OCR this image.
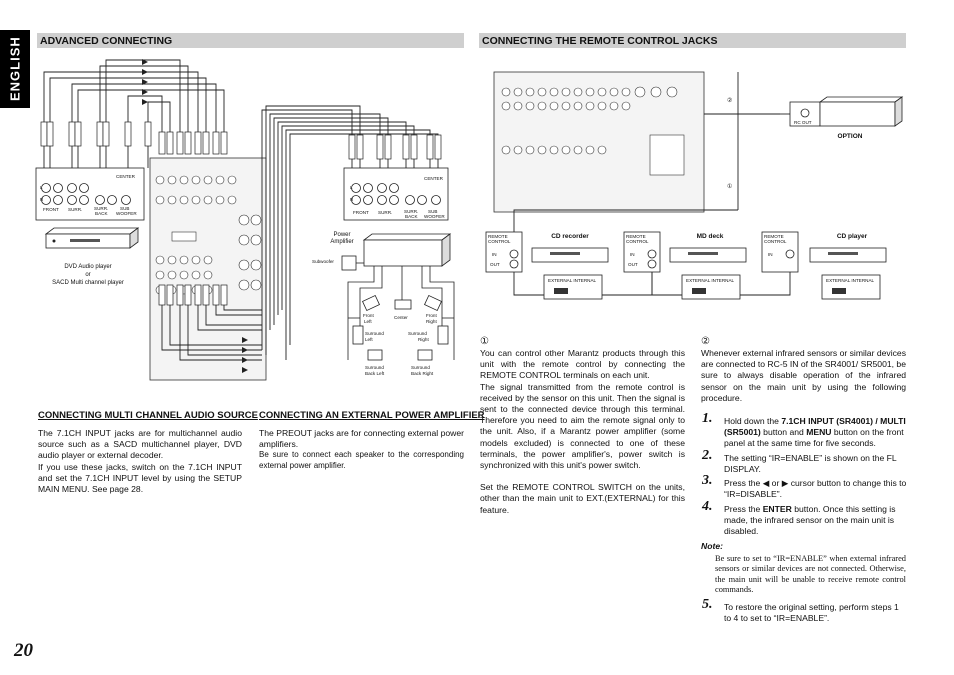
ENGLISH	ADVANCED CONNECTING	CONNECTING THE REMOTE CONTROL JACKS
CENTER
L
R
FRONT SURR.	SURR.
BACK
SUB
WOOFER
DVD Audio player
or
SACD Multi channel player
CENTER
L
R
FRONT SURR.	SURR.
BACK
SUB
WOOFER
Power
Amplifier
Subwoofer
Front
Left
Center	Front
Right
Surround
Left
Surround
Right
Surround
Back Left
Surround
Back Right
RC OUT
OPTION
②
①
REMOTE
CONTROL
IN
OUT
CD recorder
EXTERNAL INTERNAL
REMOTE
CONTROL
IN
OUT
MD deck
EXTERNAL INTERNAL
REMOTE
CONTROL
IN
CD player
EXTERNAL INTERNAL
CONNECTING MULTI CHANNEL AUDIO SOURCE

The 7.1CH INPUT jacks are for multichannel audio source such as a SACD multichannel player, DVD audio player or external decoder.

If you use these jacks, switch on the 7.1CH INPUT and set the 7.1CH INPUT level by using the SETUP MAIN MENU. See page 28.

CONNECTING AN EXTERNAL POWER AMPLIFIER

The PREOUT jacks are for connecting external power amplifiers.

Be sure to connect each speaker to the corresponding external power amplifier.

①

You can control other Marantz products through this unit with the remote control by connecting the REMOTE CONTROL terminals on each unit.

The signal transmitted from the remote control is received by the sensor on this unit. Then the signal is sent to the connected device through this terminal. Therefore you need to aim the remote signal only to the unit. Also, if a Marantz power amplifier (some models excluded) is connected to one of these terminals, the power amplifier's, power switch is synchronized with this unit's power switch.

Set the REMOTE CONTROL SWITCH on the units, other than the main unit to EXT.(EXTERNAL) for this feature.

②
Whenever external infrared sensors or similar devices are connected to RC-5 IN of the SR4001/ SR5001, be sure to always disable operation of the infrared sensor on the main unit by using the following procedure.
1. Hold down the 7.1CH INPUT (SR4001) / MULTI (SR5001) button and MENU button on the front panel at the same time for five seconds.
2. The setting “IR=ENABLE” is shown on the FL DISPLAY.
3. Press the ◀ or ▶ cursor button to change this to “IR=DISABLE”.
4. Press the ENTER button. Once this setting is made, the infrared sensor on the main unit is disabled.
Note:
Be sure to set to “IR=ENABLE” when external infrared sensors or similar devices are not connected. Otherwise, the main unit will be unable to receive remote control commands.
5. To restore the original setting, perform steps 1 to 4 to set to “IR=ENABLE”.
20
